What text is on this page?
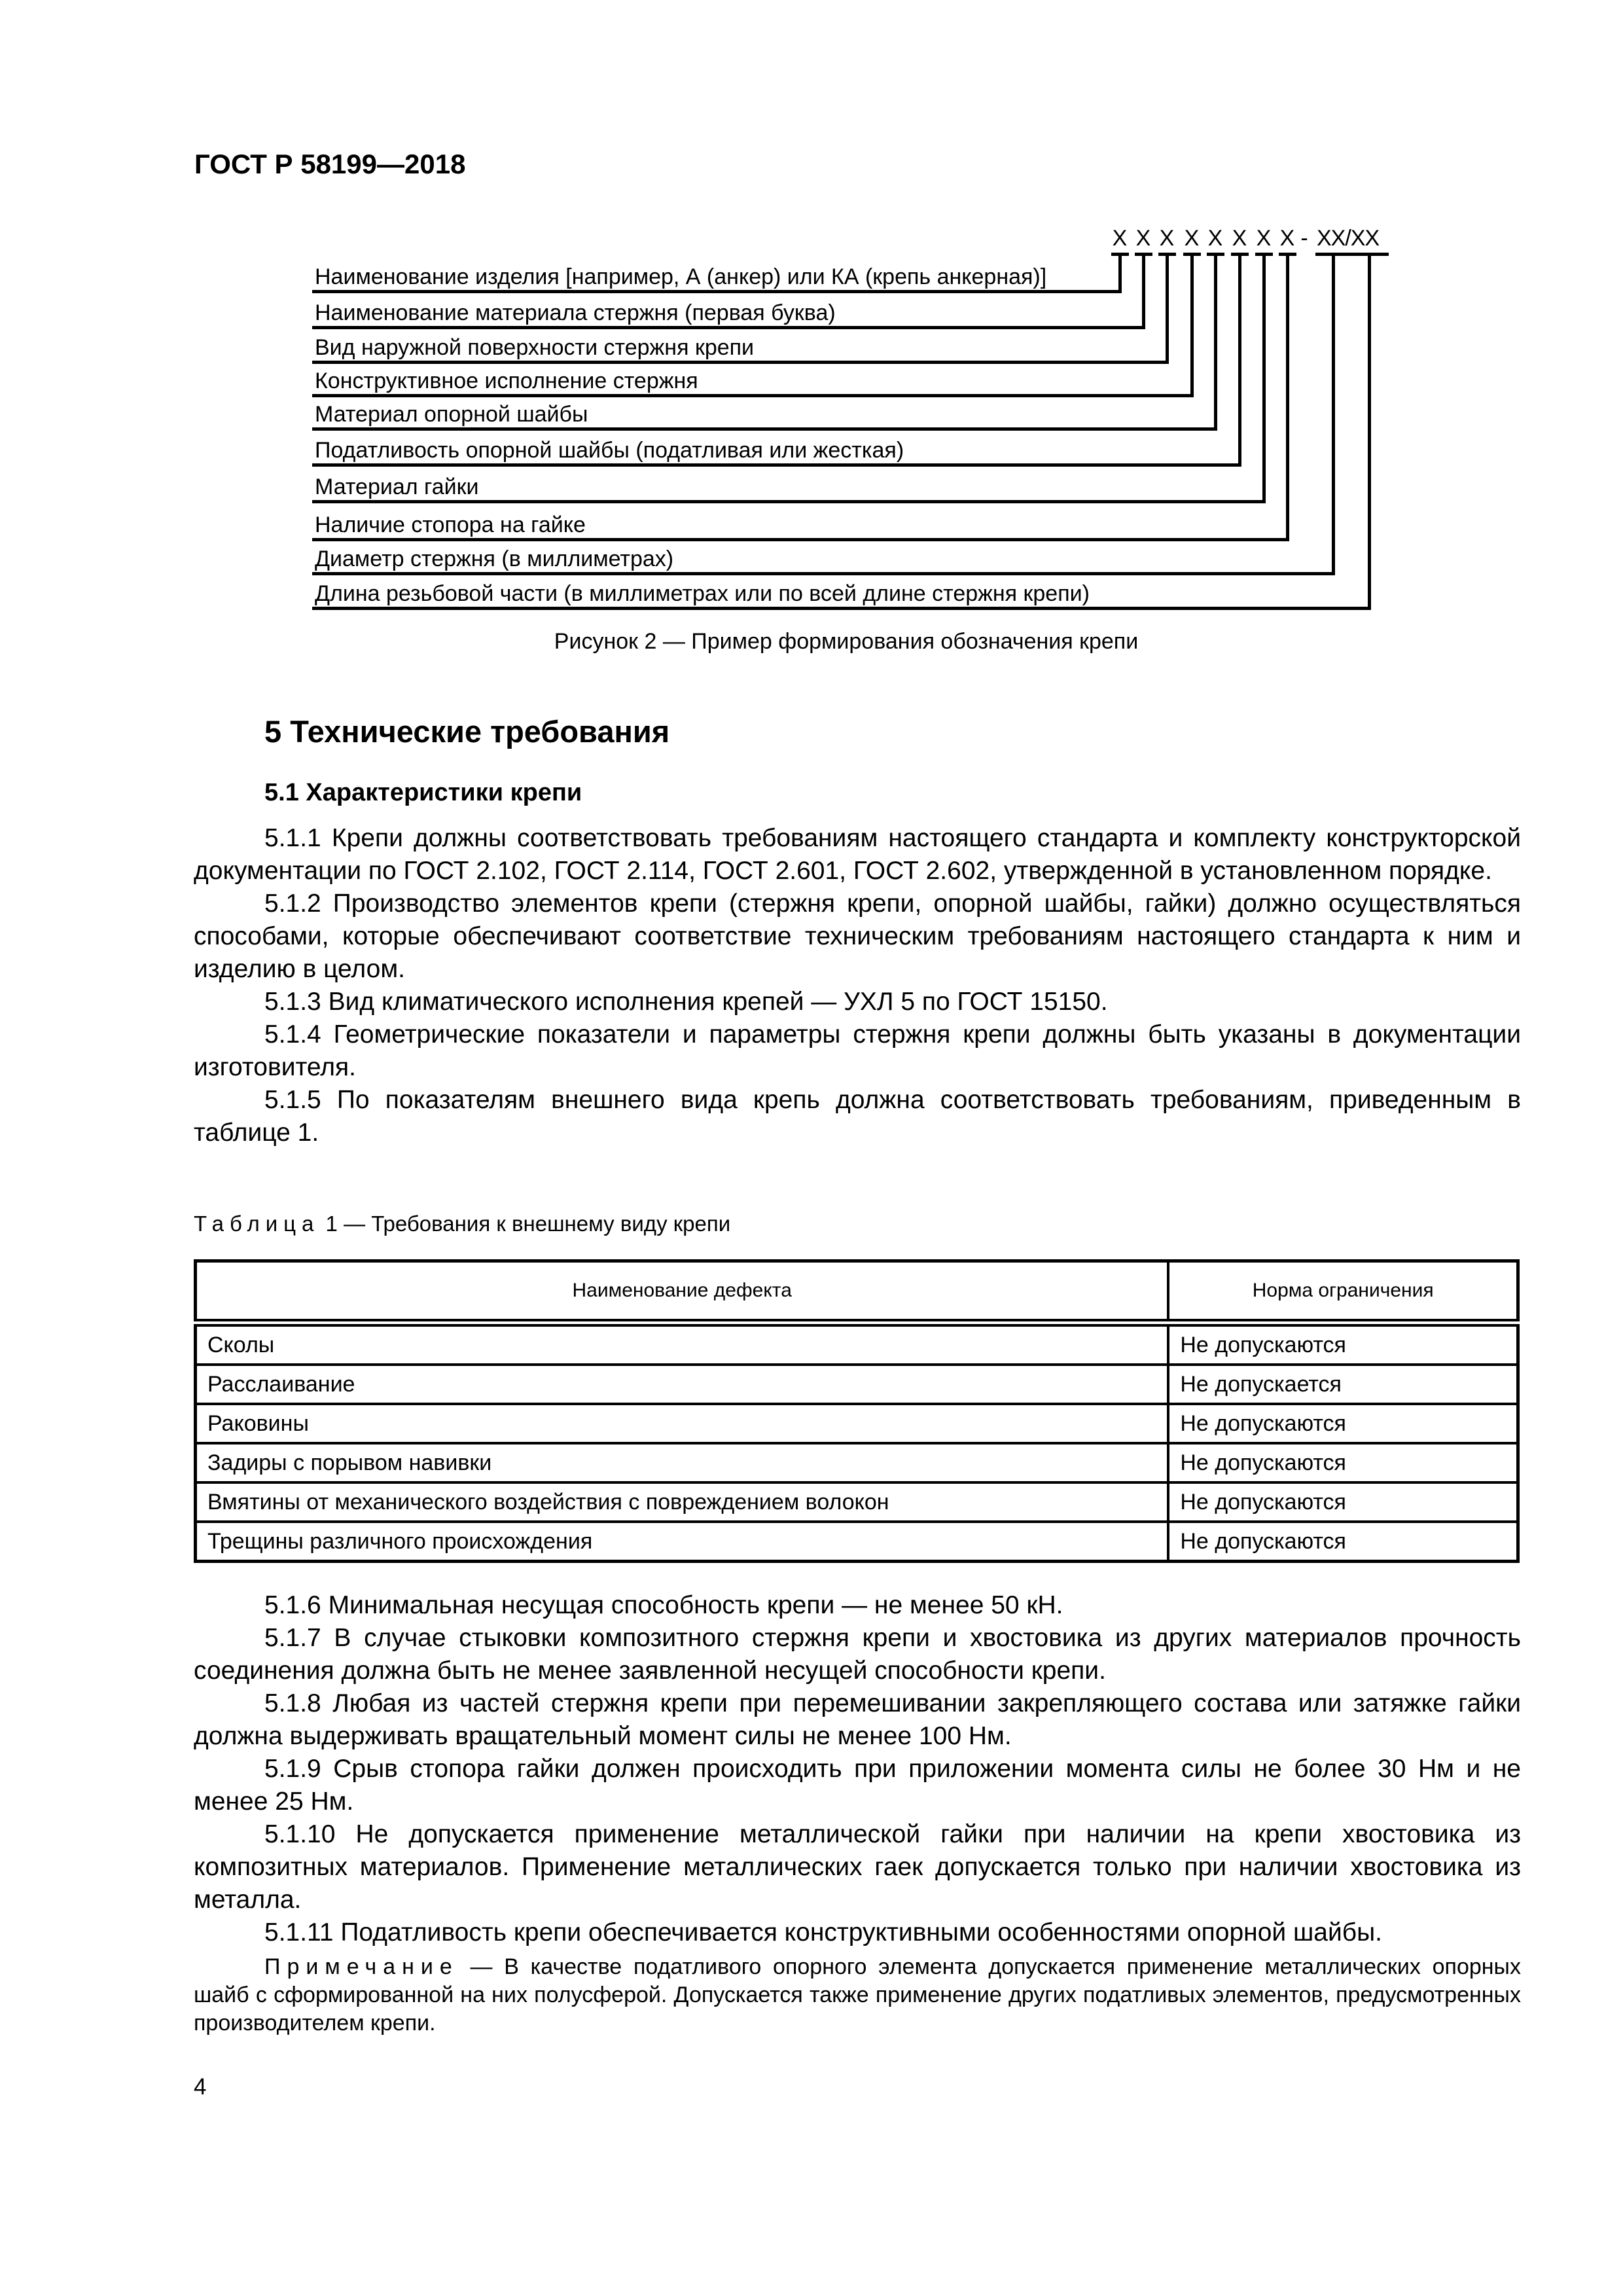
ГОСТ Р 58199—2018
X X X X X X X X - XX/XX
Наименование изделия [например, А (анкер) или КА (крепь анкерная)]
Наименование материала стержня (первая буква)
Вид наружной поверхности стержня крепи
Конструктивное исполнение стержня
Материал опорной шайбы
Податливость опорной шайбы (податливая или жесткая)
Материал гайки
Наличие стопора на гайке
Диаметр стержня (в миллиметрах)
Длина резьбовой части (в миллиметрах или по всей длине стержня крепи)
Рисунок 2 — Пример формирования обозначения крепи
5 Технические требования
5.1 Характеристики крепи

5.1.1 Крепи должны соответствовать требованиям настоящего стандарта и комплекту конструкторской документации по ГОСТ 2.102, ГОСТ 2.114, ГОСТ 2.601, ГОСТ 2.602, утвержденной в установленном порядке.

5.1.2 Производство элементов крепи (стержня крепи, опорной шайбы, гайки) должно осуществляться способами, которые обеспечивают соответствие техническим требованиям настоящего стандарта к ним и изделию в целом.

5.1.3 Вид климатического исполнения крепей — УХЛ 5 по ГОСТ 15150.

5.1.4 Геометрические показатели и параметры стержня крепи должны быть указаны в документации изготовителя.

5.1.5 По показателям внешнего вида крепь должна соответствовать требованиям, приведенным в таблице 1.

Таблица 1 — Требования к внешнему виду крепи
Наименование дефекта	Норма ограничения
Сколы	Не допускаются
Расслаивание	Не допускается
Раковины	Не допускаются
Задиры с порывом навивки	Не допускаются
Вмятины от механического воздействия с повреждением волокон	Не допускаются
Трещины различного происхождения	Не допускаются

5.1.6 Минимальная несущая способность крепи — не менее 50 кН.

5.1.7 В случае стыковки композитного стержня крепи и хвостовика из других материалов прочность соединения должна быть не менее заявленной несущей способности крепи.

5.1.8 Любая из частей стержня крепи при перемешивании закрепляющего состава или затяжке гайки должна выдерживать вращательный момент силы не менее 100 Нм.

5.1.9 Срыв стопора гайки должен происходить при приложении момента силы не более 30 Нм и не менее 25 Нм.

5.1.10 Не допускается применение металлической гайки при наличии на крепи хвостовика из композитных материалов. Применение металлических гаек допускается только при наличии хвостовика из металла.

5.1.11 Податливость крепи обеспечивается конструктивными особенностями опорной шайбы.

Примечание — В качестве податливого опорного элемента допускается применение металлических опорных шайб с сформированной на них полусферой. Допускается также применение других податливых элементов, предусмотренных производителем крепи.

4
